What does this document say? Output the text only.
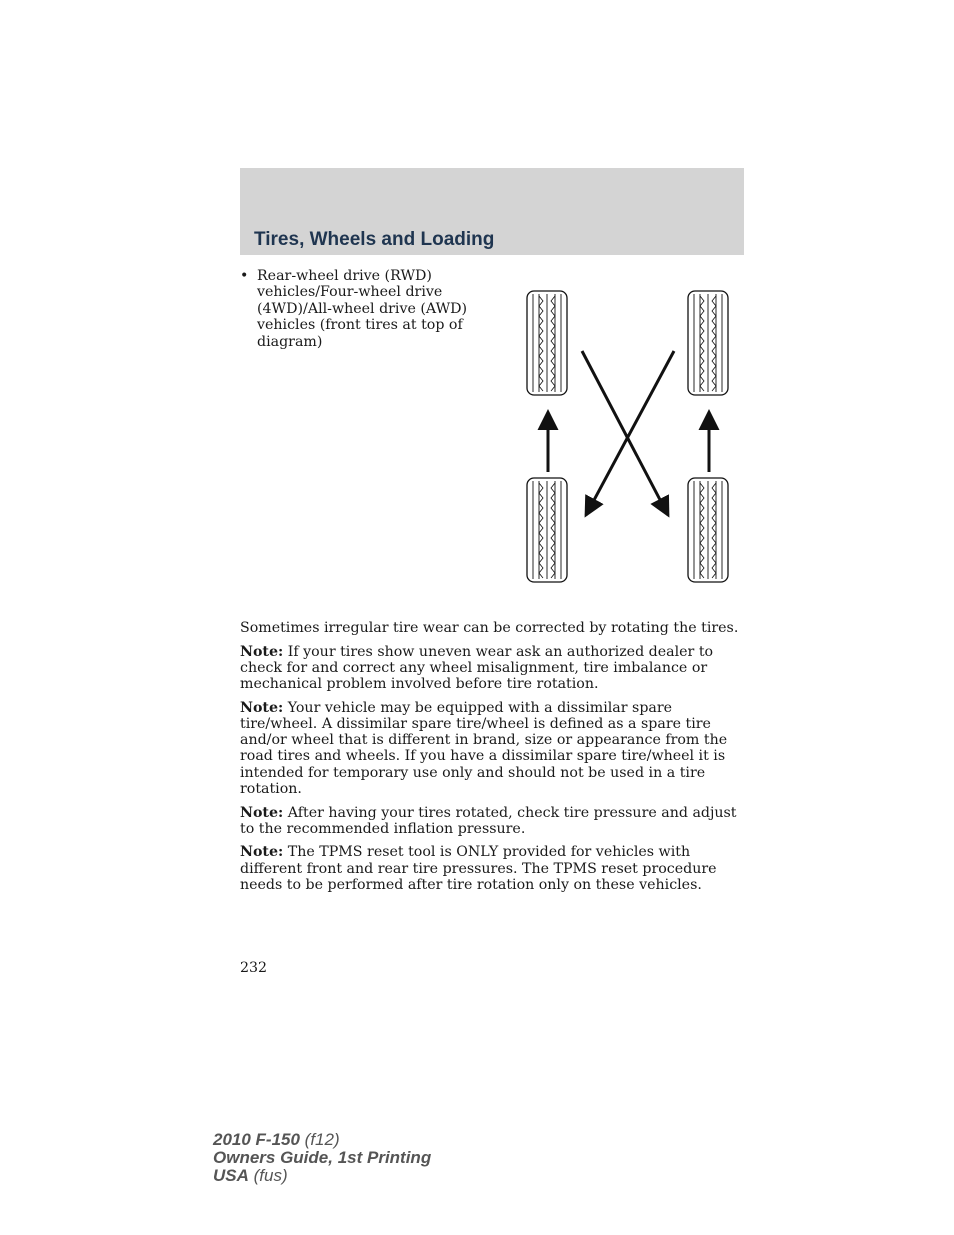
Tires, Wheels and Loading
• Rear-wheel drive (RWD) vehicles/Four-wheel drive (4WD)/All-wheel drive (AWD) vehicles (front tires at top of diagram)

Sometimes irregular tire wear can be corrected by rotating the tires.

Note: If your tires show uneven wear ask an authorized dealer to check for and correct any wheel misalignment, tire imbalance or mechanical problem involved before tire rotation.

Note: Your vehicle may be equipped with a dissimilar spare tire/wheel. A dissimilar spare tire/wheel is defined as a spare tire and/or wheel that is different in brand, size or appearance from the road tires and wheels. If you have a dissimilar spare tire/wheel it is intended for temporary use only and should not be used in a tire rotation.

Note: After having your tires rotated, check tire pressure and adjust to the recommended inflation pressure.

Note: The TPMS reset tool is ONLY provided for vehicles with different front and rear tire pressures. The TPMS reset procedure needs to be performed after tire rotation only on these vehicles.

232
2010 F-150 (f12)
Owners Guide, 1st Printing
USA (fus)
